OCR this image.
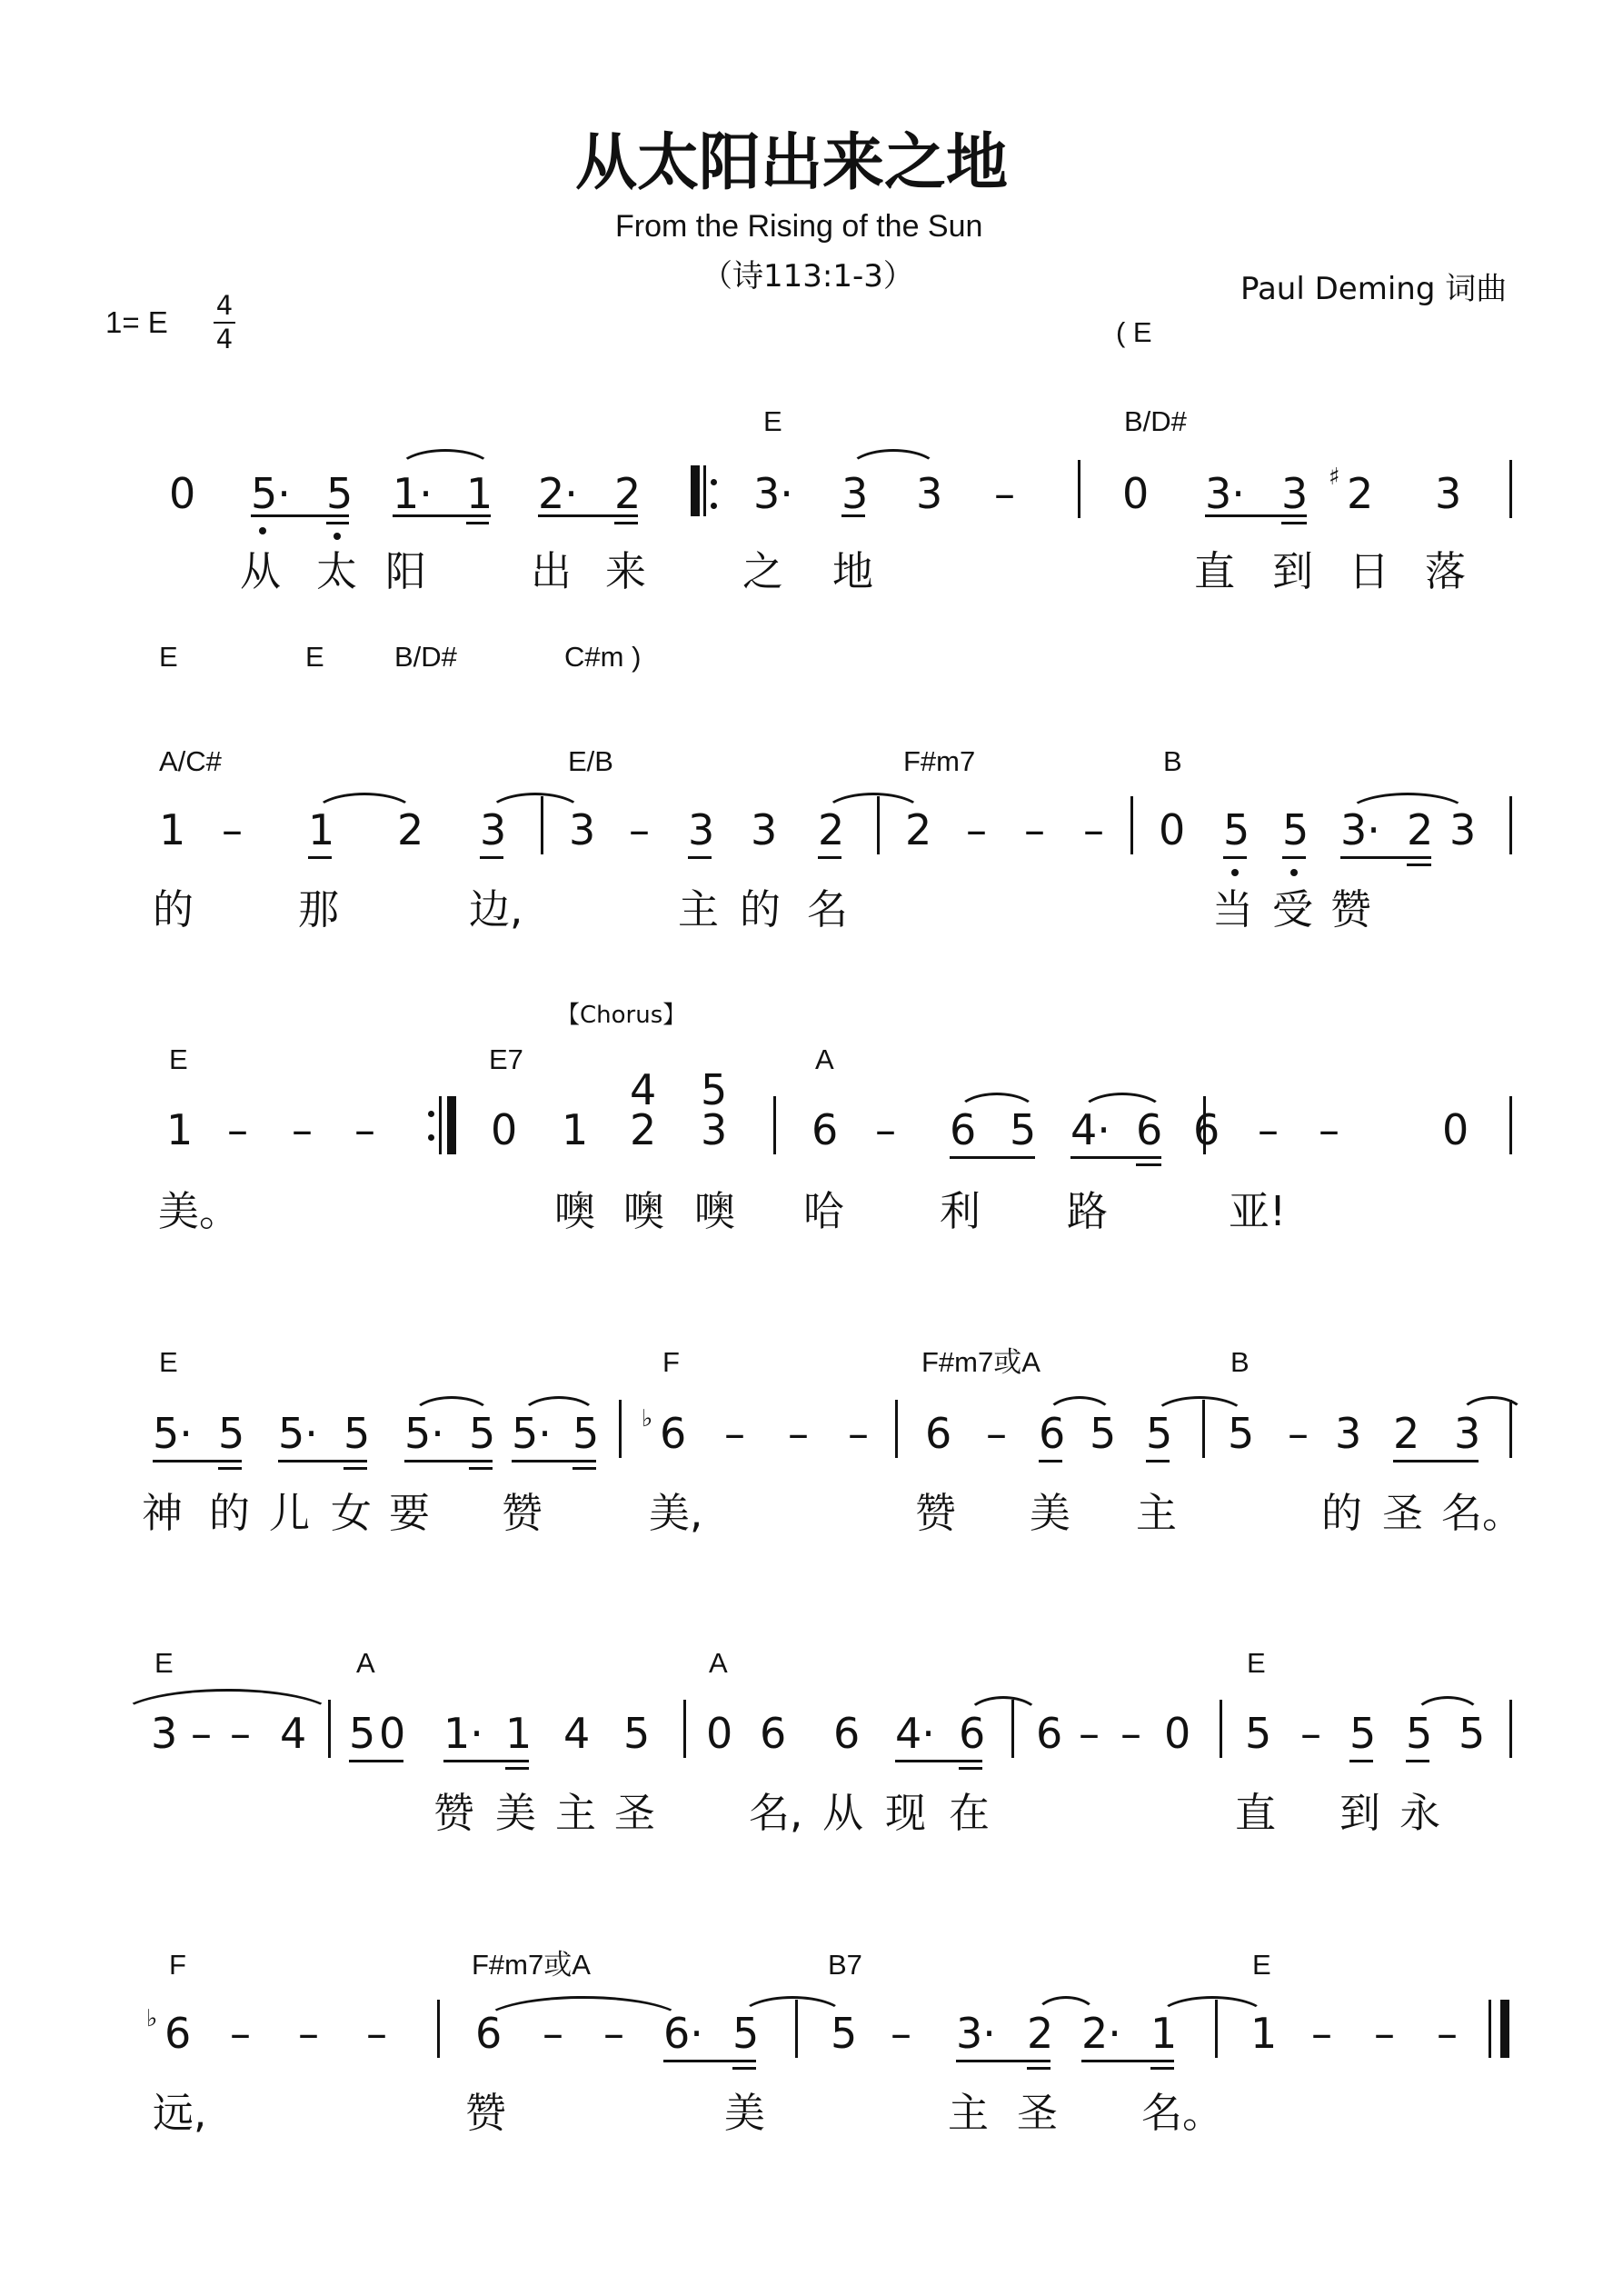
从太阳出来之地
From the Rising of the Sun
（诗113:1-3）	Paul Deming 词曲
1= E 4
4
E	B/D#
( E
0 5· 5 1· 1 2· 2	3· 3 3 –	0 3· 3 ♯ 2 3
从 太 阳	出 来 之 地	直 到 日 落
E	E B/D#	C#m )
A/C#	E/B	F#m7	B
1 – 1 2 3 3 – 3 3 2 2 – – – 0 5 5 3· 2 3
的	那	边,	主 的 名	当 受 赞
【Chorus】
E	E7	A
1 – – –	0 1 2 3 6 – 6 5 4· 6 6 – – 0
4 5
美。	噢 噢 噢 哈 利 路	亚!
E	F	F#m7或A	B
5· 5 5· 5 5· 5 5· 5 ♭ 6 – – – 6 – 6 5 5 5 – 3 2 3
神 的 儿 女 要 赞	美,	赞 美 主	的 圣 名。
E	A	A	E
3 – – 4 5 0 1· 1 4 5 0 6 6 4· 6 6 – – 0 5 – 5 5 5
赞 美 主 圣 名, 从 现 在	直 到 永
F	F#m7或A	B7	E
♭ 6 – – – 6 – – 6· 5 5 – 3· 2 2· 1 1 – – –
远,	赞	美	主 圣 名。
